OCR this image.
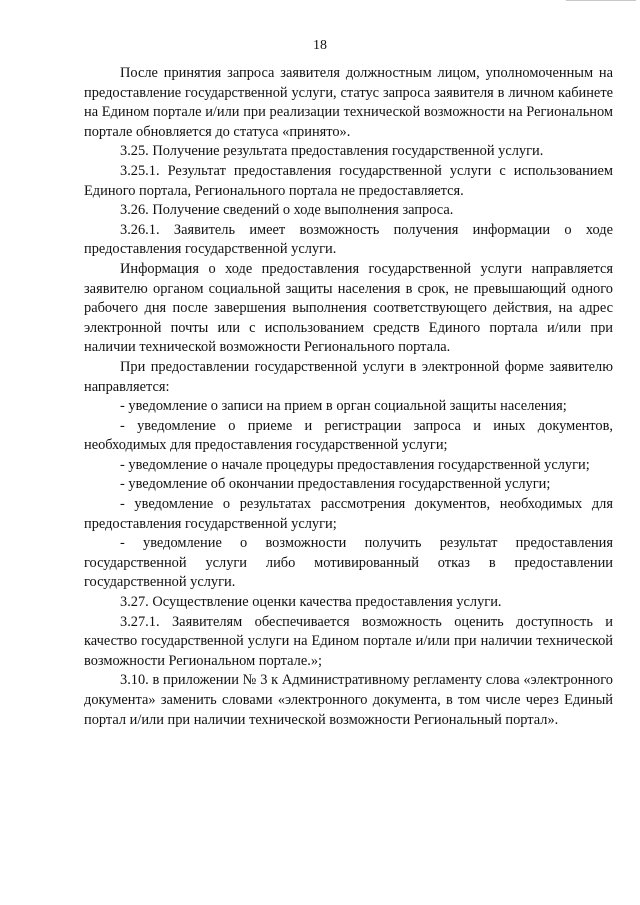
18

После принятия запроса заявителя должностным лицом, уполномоченным на предоставление государственной услуги, статус запроса заявителя в личном кабинете на Едином портале и/или при реализации технической возможности на Региональном портале обновляется до статуса «принято».

3.25. Получение результата предоставления государственной услуги.

3.25.1. Результат предоставления государственной услуги с использованием Единого портала, Регионального портала не предоставляется.

3.26. Получение сведений о ходе выполнения запроса.

3.26.1. Заявитель имеет возможность получения информации о ходе предоставления государственной услуги.

Информация о ходе предоставления государственной услуги направляется заявителю органом социальной защиты населения в срок, не превышающий одного рабочего дня после завершения выполнения соответствующего действия, на адрес электронной почты или с использованием средств Единого портала и/или при наличии технической возможности Регионального портала.

При предоставлении государственной услуги в электронной форме заявителю направляется:

- уведомление о записи на прием в орган социальной защиты населения;

- уведомление о приеме и регистрации запроса и иных документов, необходимых для предоставления государственной услуги;

- уведомление о начале процедуры предоставления государственной услуги;

- уведомление об окончании предоставления государственной услуги;

- уведомление о результатах рассмотрения документов, необходимых для предоставления государственной услуги;

- уведомление о возможности получить результат предоставления государственной услуги либо мотивированный отказ в предоставлении государственной услуги.

3.27. Осуществление оценки качества предоставления услуги.

3.27.1. Заявителям обеспечивается возможность оценить доступность и качество государственной услуги на Едином портале и/или при наличии технической возможности Региональном портале.»;

3.10. в приложении № 3 к Административному регламенту слова «электронного документа» заменить словами «электронного документа, в том числе через Единый портал и/или при наличии технической возможности Региональный портал».
